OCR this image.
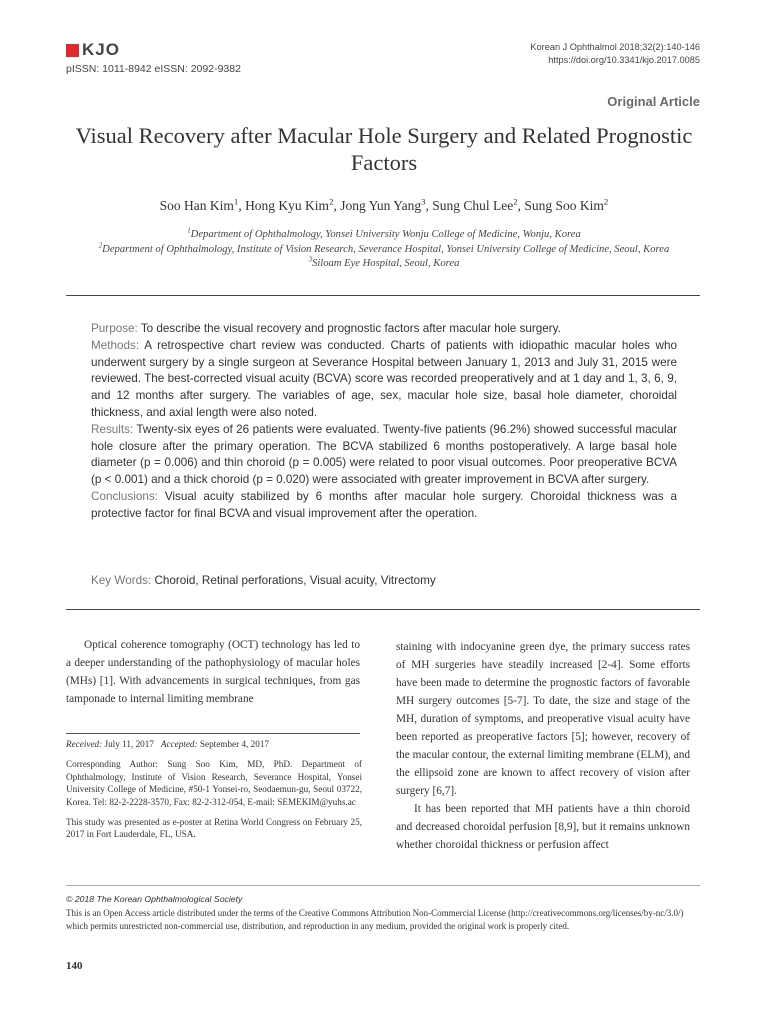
KJO
pISSN: 1011-8942 eISSN: 2092-9382
Korean J Ophthalmol 2018;32(2):140-146
https://doi.org/10.3341/kjo.2017.0085
Original Article
Visual Recovery after Macular Hole Surgery and Related Prognostic Factors
Soo Han Kim$^1$, Hong Kyu Kim$^2$, Jong Yun Yang$^3$, Sung Chul Lee$^2$, Sung Soo Kim$^2$
$^1$Department of Ophthalmology, Yonsei University Wonju College of Medicine, Wonju, Korea
$^2$Department of Ophthalmology, Institute of Vision Research, Severance Hospital, Yonsei University College of Medicine, Seoul, Korea
$^3$Siloam Eye Hospital, Seoul, Korea

Purpose: To describe the visual recovery and prognostic factors after macular hole surgery.

Methods: A retrospective chart review was conducted. Charts of patients with idiopathic macular holes who underwent surgery by a single surgeon at Severance Hospital between January 1, 2013 and July 31, 2015 were reviewed. The best-corrected visual acuity (BCVA) score was recorded preoperatively and at 1 day and 1, 3, 6, 9, and 12 months after surgery. The variables of age, sex, macular hole size, basal hole diameter, choroidal thickness, and axial length were also noted.

Results: Twenty-six eyes of 26 patients were evaluated. Twenty-five patients (96.2%) showed successful macular hole closure after the primary operation. The BCVA stabilized 6 months postoperatively. A large basal hole diameter (p = 0.006) and thin choroid (p = 0.005) were related to poor visual outcomes. Poor preoperative BCVA (p < 0.001) and a thick choroid (p = 0.020) were associated with greater improvement in BCVA after surgery.

Conclusions: Visual acuity stabilized by 6 months after macular hole surgery. Choroidal thickness was a protective factor for final BCVA and visual improvement after the operation.

Key Words: Choroid, Retinal perforations, Visual acuity, Vitrectomy

Optical coherence tomography (OCT) technology has led to a deeper understanding of the pathophysiology of macular holes (MHs) [1]. With advancements in surgical techniques, from gas tamponade to internal limiting membrane

Received: July 11, 2017 Accepted: September 4, 2017

Corresponding Author: Sung Soo Kim, MD, PhD. Department of Ophthalmology, Institute of Vision Research, Severance Hospital, Yonsei University College of Medicine, #50-1 Yonsei-ro, Seodaemun-gu, Seoul 03722, Korea. Tel: 82-2-2228-3570, Fax: 82-2-312-054, E-mail: SEMEKIM@yuhs.ac

This study was presented as e-poster at Retina World Congress on February 25, 2017 in Fort Lauderdale, FL, USA.

staining with indocyanine green dye, the primary success rates of MH surgeries have steadily increased [2-4]. Some efforts have been made to determine the prognostic factors of favorable MH surgery outcomes [5-7]. To date, the size and stage of the MH, duration of symptoms, and preoperative visual acuity have been reported as preoperative factors [5]; however, recovery of the macular contour, the external limiting membrane (ELM), and the ellipsoid zone are known to affect recovery of vision after surgery [6,7].

It has been reported that MH patients have a thin choroid and decreased choroidal perfusion [8,9], but it remains unknown whether choroidal thickness or perfusion affect

© 2018 The Korean Ophthalmological Society
This is an Open Access article distributed under the terms of the Creative Commons Attribution Non-Commercial License (http://creativecommons.org/licenses/by-nc/3.0/) which permits unrestricted non-commercial use, distribution, and reproduction in any medium, provided the original work is properly cited.
140
